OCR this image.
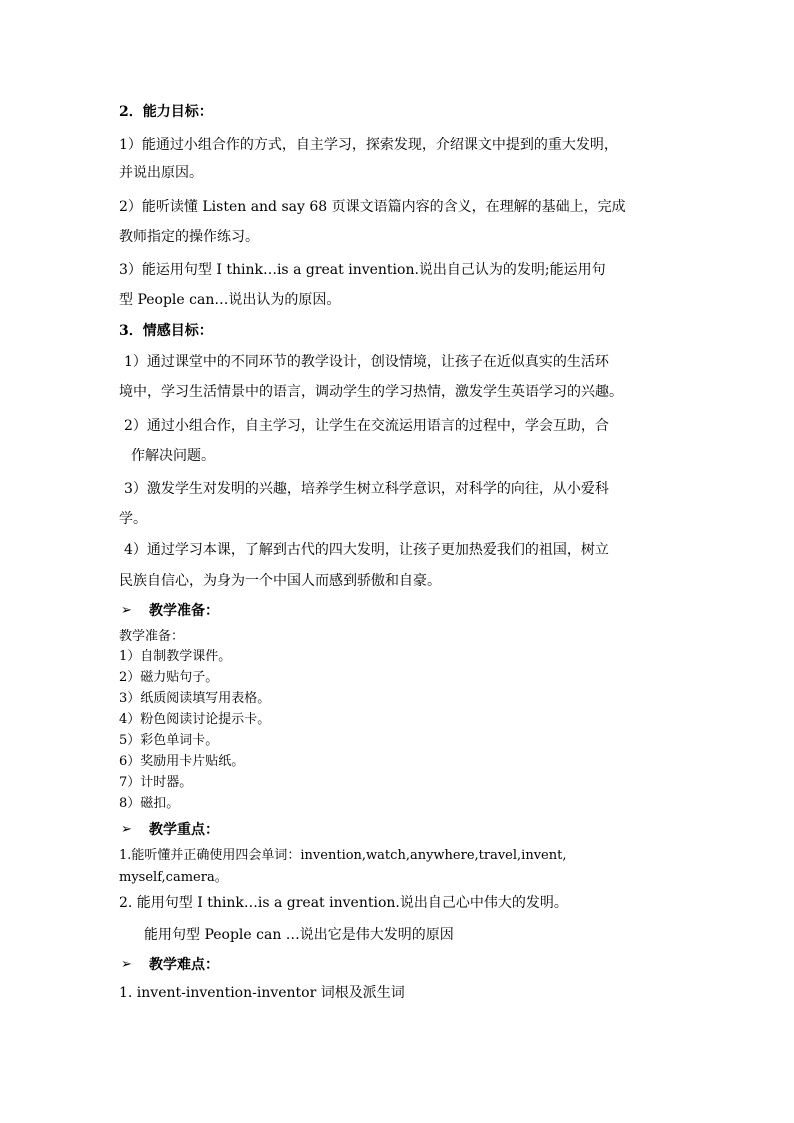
2．能力目标：
1）能通过小组合作的方式，自主学习，探索发现，介绍课文中提到的重大发明，
并说出原因。
2）能听读懂 Listen and say 68 页课文语篇内容的含义，在理解的基础上，完成
教师指定的操作练习。
3）能运用句型 I think…is a great invention.说出自己认为的发明;能运用句
型 People can…说出认为的原因。
3．情感目标：
1）通过课堂中的不同环节的教学设计，创设情境，让孩子在近似真实的生活环
境中，学习生活情景中的语言，调动学生的学习热情，激发学生英语学习的兴趣。
2）通过小组合作，自主学习，让学生在交流运用语言的过程中，学会互助，合
作解决问题。
3）激发学生对发明的兴趣，培养学生树立科学意识，对科学的向往，从小爱科
学。
4）通过学习本课，了解到古代的四大发明，让孩子更加热爱我们的祖国，树立
民族自信心，为身为一个中国人而感到骄傲和自豪。
➢ 教学准备：
教学准备：
1）自制教学课件。
2）磁力贴句子。
3）纸质阅读填写用表格。
4）粉色阅读讨论提示卡。
5）彩色单词卡。
6）奖励用卡片贴纸。
7）计时器。
8）磁扣。
➢ 教学重点：
1.能听懂并正确使用四会单词：invention,watch,anywhere,travel,invent,
myself,camera。
2. 能用句型 I think…is a great invention.说出自己心中伟大的发明。
能用句型 People can …说出它是伟大发明的原因
➢ 教学难点：
1. invent-invention-inventor 词根及派生词
